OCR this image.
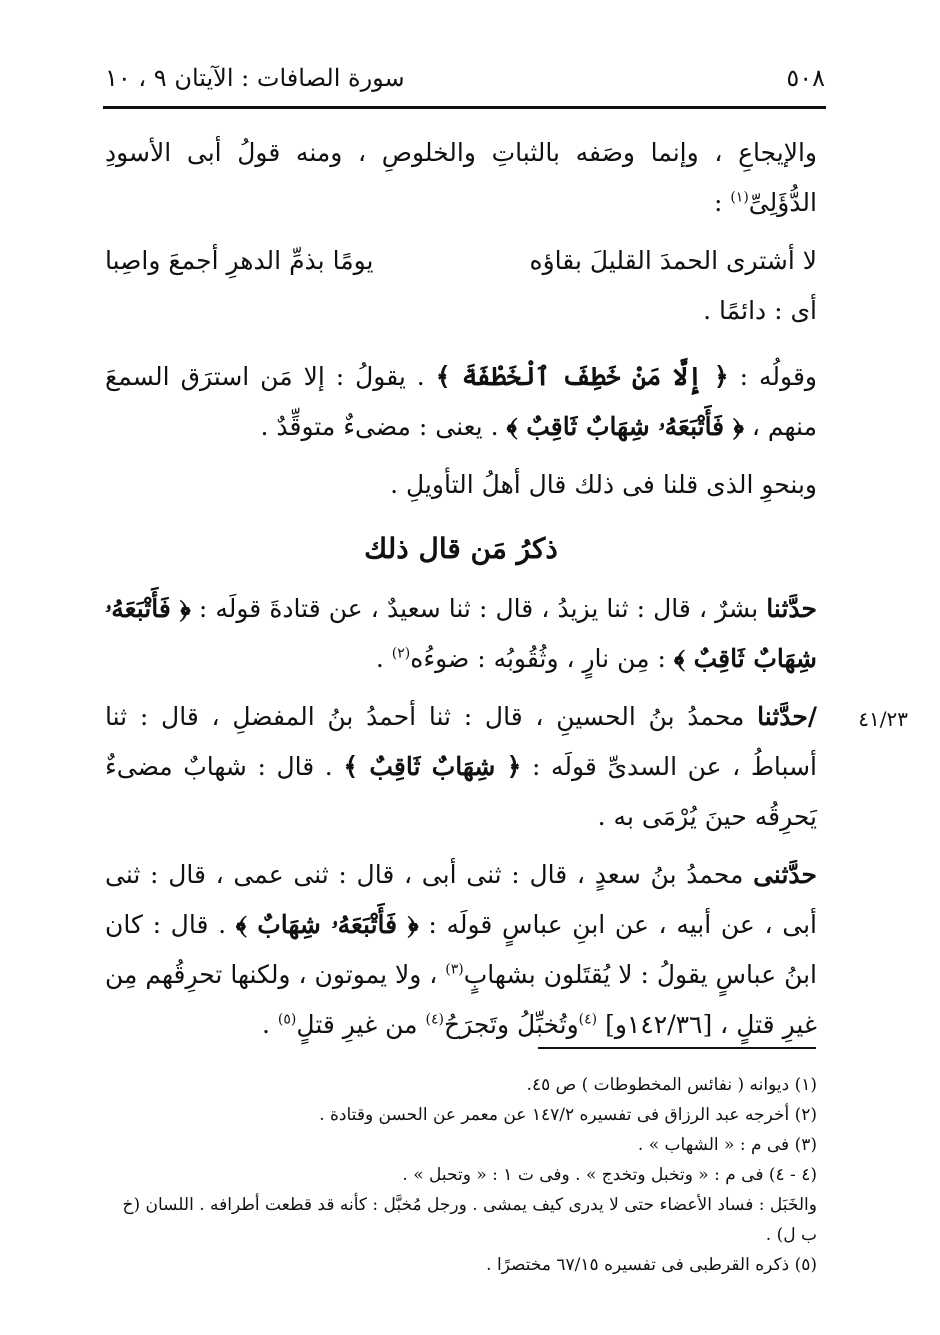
٥٠٨
سورة الصافات : الآيتان ٩ ، ١٠
٤١/٢٣

والإيجاعِ ، وإنما وصَفه بالثباتِ والخلوصِ ، ومنه قولُ أبى الأسودِ الدُّؤَلِىِّ$^{(١)}$ :

لا أشترى الحمدَ القليلَ بقاؤه
يومًا بذمِّ الدهرِ أجمعَ واصِبا

أى : دائمًا .

وقولُه : ﴿ إِلَّا مَنْ خَطِفَ ٱلْخَطْفَةَ ﴾ . يقولُ : إلا مَن استرَق السمعَ منهم ، ﴿ فَأَتْبَعَهُۥ شِهَابٌ ثَاقِبٌ ﴾ . يعنى : مضىءٌ متوقِّدٌ .

وبنحوِ الذى قلنا فى ذلك قال أهلُ التأويلِ .

ذكرُ مَن قال ذلك

حدَّثنا بشرٌ ، قال : ثنا يزيدُ ، قال : ثنا سعيدٌ ، عن قتادةَ قولَه : ﴿ فَأَتْبَعَهُۥ شِهَابٌ ثَاقِبٌ ﴾ : مِن نارٍ ، وثُقُوبُه : ضوءُه$^{(٢)}$ .

/حدَّثنا محمدُ بنُ الحسينِ ، قال : ثنا أحمدُ بنُ المفضلِ ، قال : ثنا أسباطُ ، عن السدىِّ قولَه : ﴿ شِهَابٌ ثَاقِبٌ ﴾ . قال : شهابٌ مضىءٌ يَحرِقُه حينَ يُرْمَى به .

حدَّثنى محمدُ بنُ سعدٍ ، قال : ثنى أبى ، قال : ثنى عمى ، قال : ثنى أبى ، عن أبيه ، عن ابنِ عباسٍ قولَه : ﴿ فَأَتْبَعَهُۥ شِهَابٌ ﴾ . قال : كان ابنُ عباسٍ يقولُ : لا يُقتَلون بشهابٍ$^{(٣)}$ ، ولا يموتون ، ولكنها تحرِقُهم مِن غيرِ قتلٍ ، [١٤٢/٣٦و] $^{(٤)}$وتُخبِّلُ وتَجرَحُ$^{(٤)}$ من غيرِ قتلٍ$^{(٥)}$ .

(١) ديوانه ( نفائس المخطوطات ) ص ٤٥.

(٢) أخرجه عبد الرزاق فى تفسيره ١٤٧/٢ عن معمر عن الحسن وقتادة .

(٣) فى م : « الشهاب » .

(٤ - ٤) فى م : « وتخبل وتخدج » . وفى ت ١ : « وتحبل » .

والخَبَل : فساد الأعضاء حتى لا يدرى كيف يمشى . ورجل مُخبَّل : كأنه قد قطعت أطرافه . اللسان (خ ب ل) .

(٥) ذكره القرطبى فى تفسيره ٦٧/١٥ مختصرًا .
